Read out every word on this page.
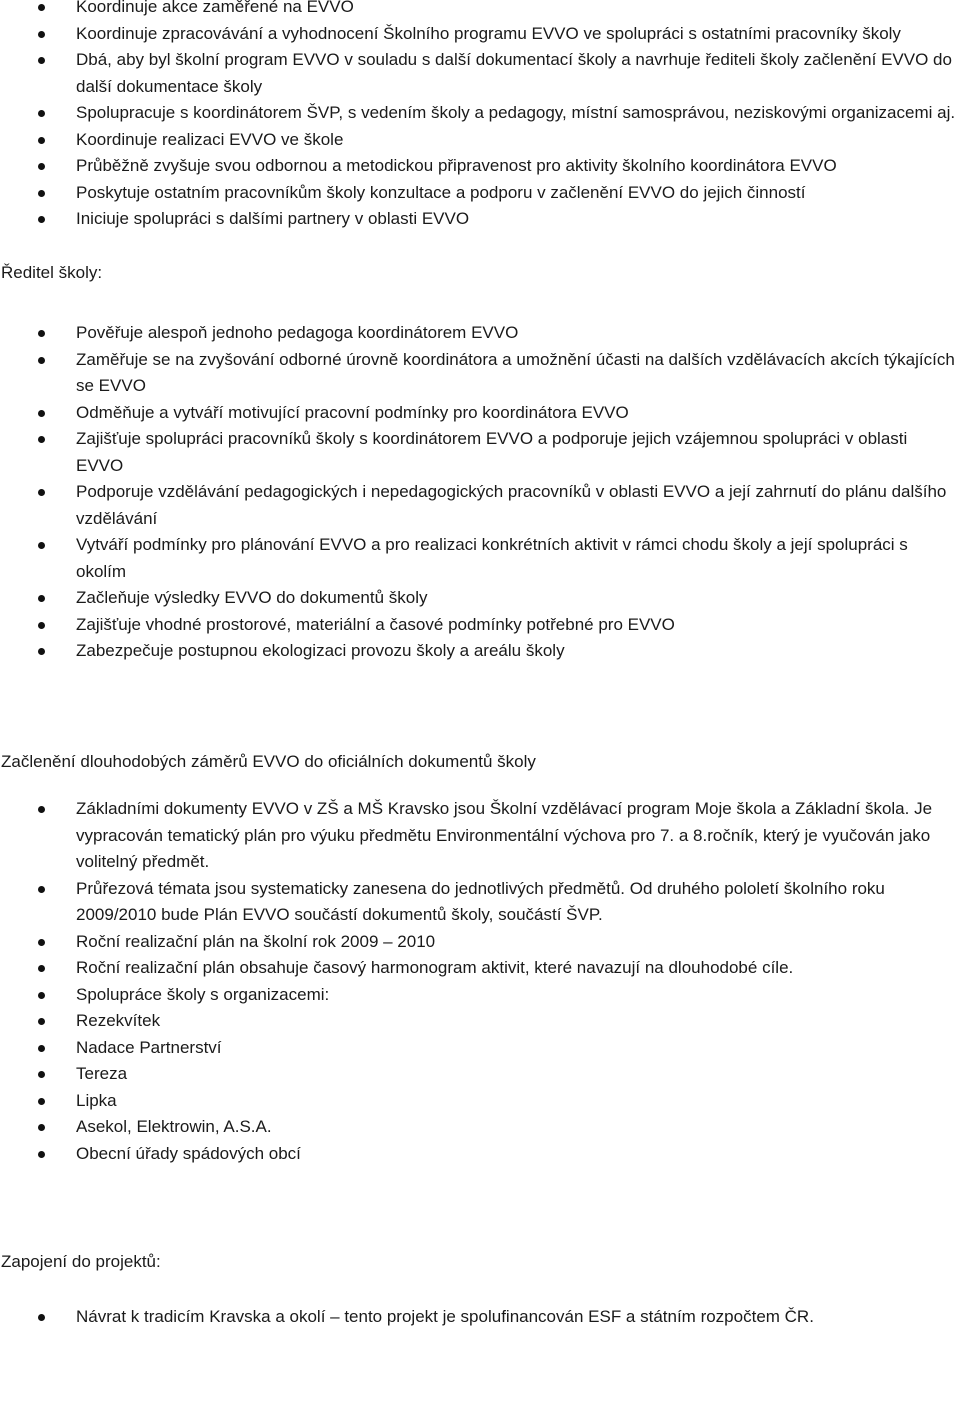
Koordinuje akce zaměřené na EVVO
Koordinuje zpracovávání a vyhodnocení Školního programu EVVO ve spolupráci s ostatními pracovníky školy
Dbá, aby byl školní program EVVO v souladu s další dokumentací školy a navrhuje řediteli školy začlenění EVVO do další dokumentace školy
Spolupracuje s koordinátorem ŠVP, s vedením školy a pedagogy, místní samosprávou, neziskovými organizacemi aj.
Koordinuje realizaci EVVO ve škole
Průběžně zvyšuje svou odbornou a metodickou připravenost pro aktivity školního koordinátora EVVO
Poskytuje ostatním pracovníkům školy konzultace a podporu v začlenění EVVO do jejich činností
Iniciuje spolupráci s dalšími partnery v oblasti EVVO

Ředitel školy:

Pověřuje alespoň jednoho pedagoga koordinátorem EVVO
Zaměřuje se na zvyšování odborné úrovně koordinátora a umožnění účasti na dalších vzdělávacích akcích týkajících se EVVO
Odměňuje a vytváří motivující pracovní podmínky pro koordinátora EVVO
Zajišťuje spolupráci pracovníků školy s koordinátorem EVVO a podporuje jejich vzájemnou spolupráci v oblasti EVVO
Podporuje vzdělávání pedagogických i nepedagogických pracovníků v oblasti EVVO a její zahrnutí do plánu dalšího vzdělávání
Vytváří podmínky pro plánování EVVO a pro realizaci konkrétních aktivit v rámci chodu školy a její spolupráci s okolím
Začleňuje výsledky EVVO do dokumentů školy
Zajišťuje vhodné prostorové, materiální a časové podmínky potřebné pro EVVO
Zabezpečuje postupnou ekologizaci provozu školy a areálu školy

Začlenění dlouhodobých záměrů EVVO do oficiálních dokumentů školy

Základními dokumenty EVVO v ZŠ a MŠ Kravsko jsou Školní vzdělávací program Moje škola a Základní škola. Je vypracován tematický plán pro výuku předmětu Environmentální výchova pro 7. a 8.ročník, který je vyučován jako volitelný předmět.
Průřezová témata jsou systematicky zanesena do jednotlivých předmětů. Od druhého pololetí školního roku 2009/2010 bude Plán EVVO součástí dokumentů školy, součástí ŠVP.
Roční realizační plán na školní rok 2009 – 2010
Roční realizační plán obsahuje časový harmonogram aktivit, které navazují na dlouhodobé cíle.
Spolupráce školy s organizacemi:
Rezekvítek
Nadace Partnerství
Tereza
Lipka
Asekol, Elektrowin, A.S.A.
Obecní úřady spádových obcí

Zapojení do projektů:

Návrat k tradicím Kravska a okolí – tento projekt je spolufinancován ESF a státním rozpočtem ČR.
